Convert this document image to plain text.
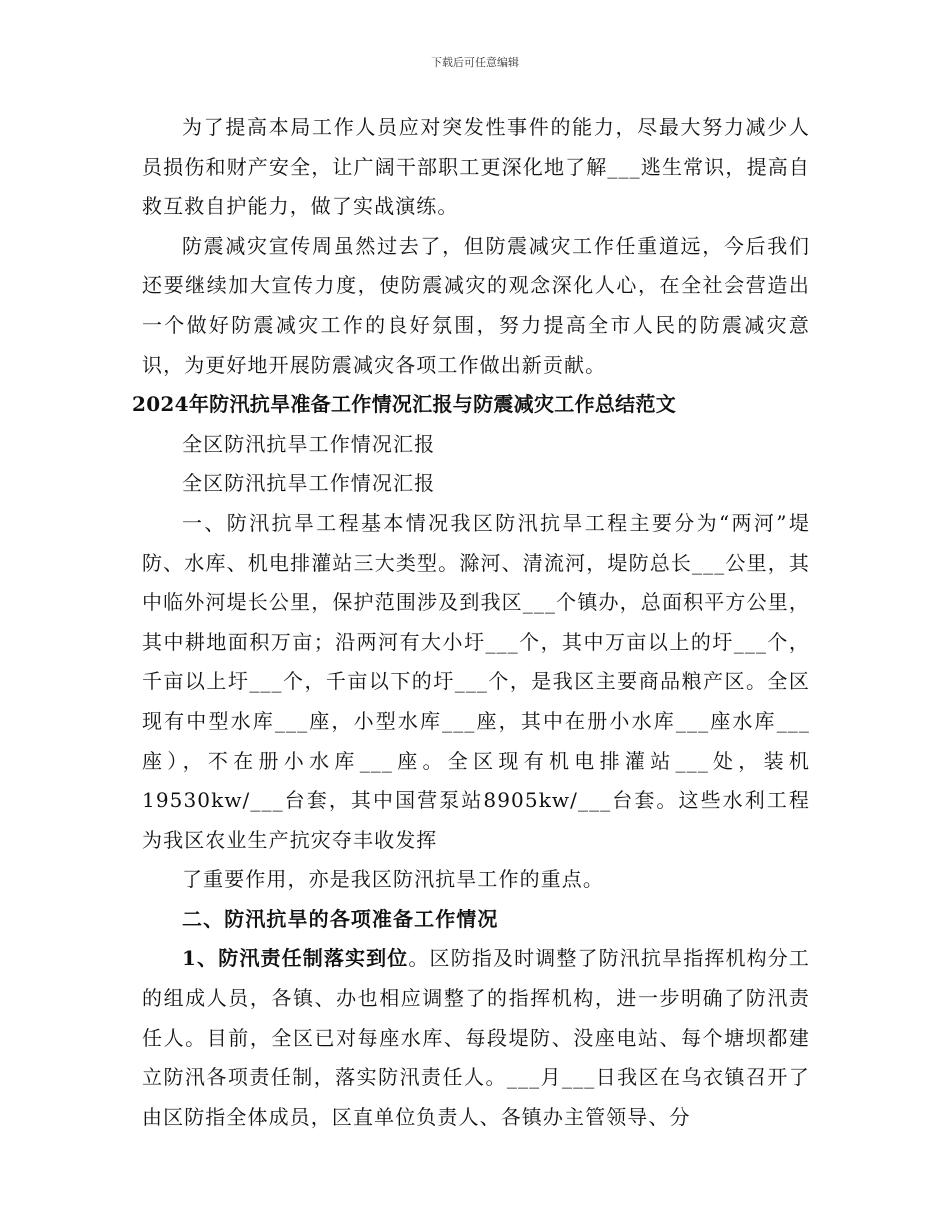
下载后可任意编辑

为了提高本局工作人员应对突发性事件的能力，尽最大努力减少人员损伤和财产安全，让广阔干部职工更深化地了解___逃生常识，提高自救互救自护能力，做了实战演练。

防震减灾宣传周虽然过去了，但防震减灾工作任重道远，今后我们还要继续加大宣传力度，使防震减灾的观念深化人心，在全社会营造出一个做好防震减灾工作的良好氛围，努力提高全市人民的防震减灾意识，为更好地开展防震减灾各项工作做出新贡献。

2024年防汛抗旱准备工作情况汇报与防震减灾工作总结范文

全区防汛抗旱工作情况汇报

全区防汛抗旱工作情况汇报

一、防汛抗旱工程基本情况我区防汛抗旱工程主要分为“两河”堤防、水库、机电排灌站三大类型。滁河、清流河，堤防总长___公里，其中临外河堤长公里，保护范围涉及到我区___个镇办，总面积平方公里，其中耕地面积万亩；沿两河有大小圩___个，其中万亩以上的圩___个，千亩以上圩___个，千亩以下的圩___个，是我区主要商品粮产区。全区现有中型水库___座，小型水库___座，其中在册小水库___座水库___座），不在册小水库___座。全区现有机电排灌站___处，装机19530kw/___台套，其中国营泵站8905kw/___台套。这些水利工程为我区农业生产抗灾夺丰收发挥

了重要作用，亦是我区防汛抗旱工作的重点。

二、防汛抗旱的各项准备工作情况

1、防汛责任制落实到位。区防指及时调整了防汛抗旱指挥机构分工的组成人员，各镇、办也相应调整了的指挥机构，进一步明确了防汛责任人。目前，全区已对每座水库、每段堤防、没座电站、每个塘坝都建立防汛各项责任制，落实防汛责任人。___月___日我区在乌衣镇召开了由区防指全体成员，区直单位负责人、各镇办主管领导、分
